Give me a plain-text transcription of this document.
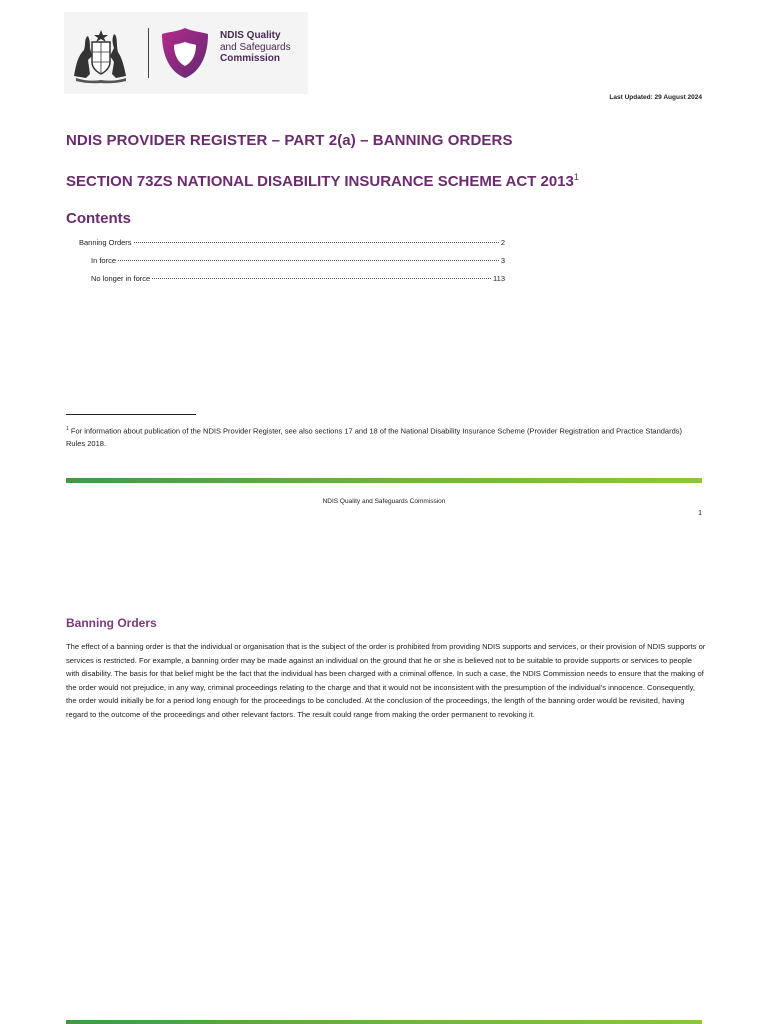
NDIS Quality
and Safeguards
Commission
Last Updated: 29 August 2024
NDIS PROVIDER REGISTER – PART 2(a) – BANNING ORDERS
SECTION 73ZS NATIONAL DISABILITY INSURANCE SCHEME ACT 2013$^1$
Contents
Banning Orders	2
In force	3
No longer in force	113
$^1$ For information about publication of the NDIS Provider Register, see also sections 17 and 18 of the National Disability Insurance Scheme (Provider Registration and Practice Standards) Rules 2018.
NDIS Quality and Safeguards Commission
1
Banning Orders
The effect of a banning order is that the individual or organisation that is the subject of the order is prohibited from providing NDIS supports and services, or their provision of NDIS supports or services is restricted. For example, a banning order may be made against an individual on the ground that he or she is believed not to be suitable to provide supports or services to people with disability. The basis for that belief might be the fact that the individual has been charged with a criminal offence. In such a case, the NDIS Commission needs to ensure that the making of the order would not prejudice, in any way, criminal proceedings relating to the charge and that it would not be inconsistent with the presumption of the individual’s innocence. Consequently, the order would initially be for a period long enough for the proceedings to be concluded. At the conclusion of the proceedings, the length of the banning order would be revisited, having regard to the outcome of the proceedings and other relevant factors. The result could range from making the order permanent to revoking it.
